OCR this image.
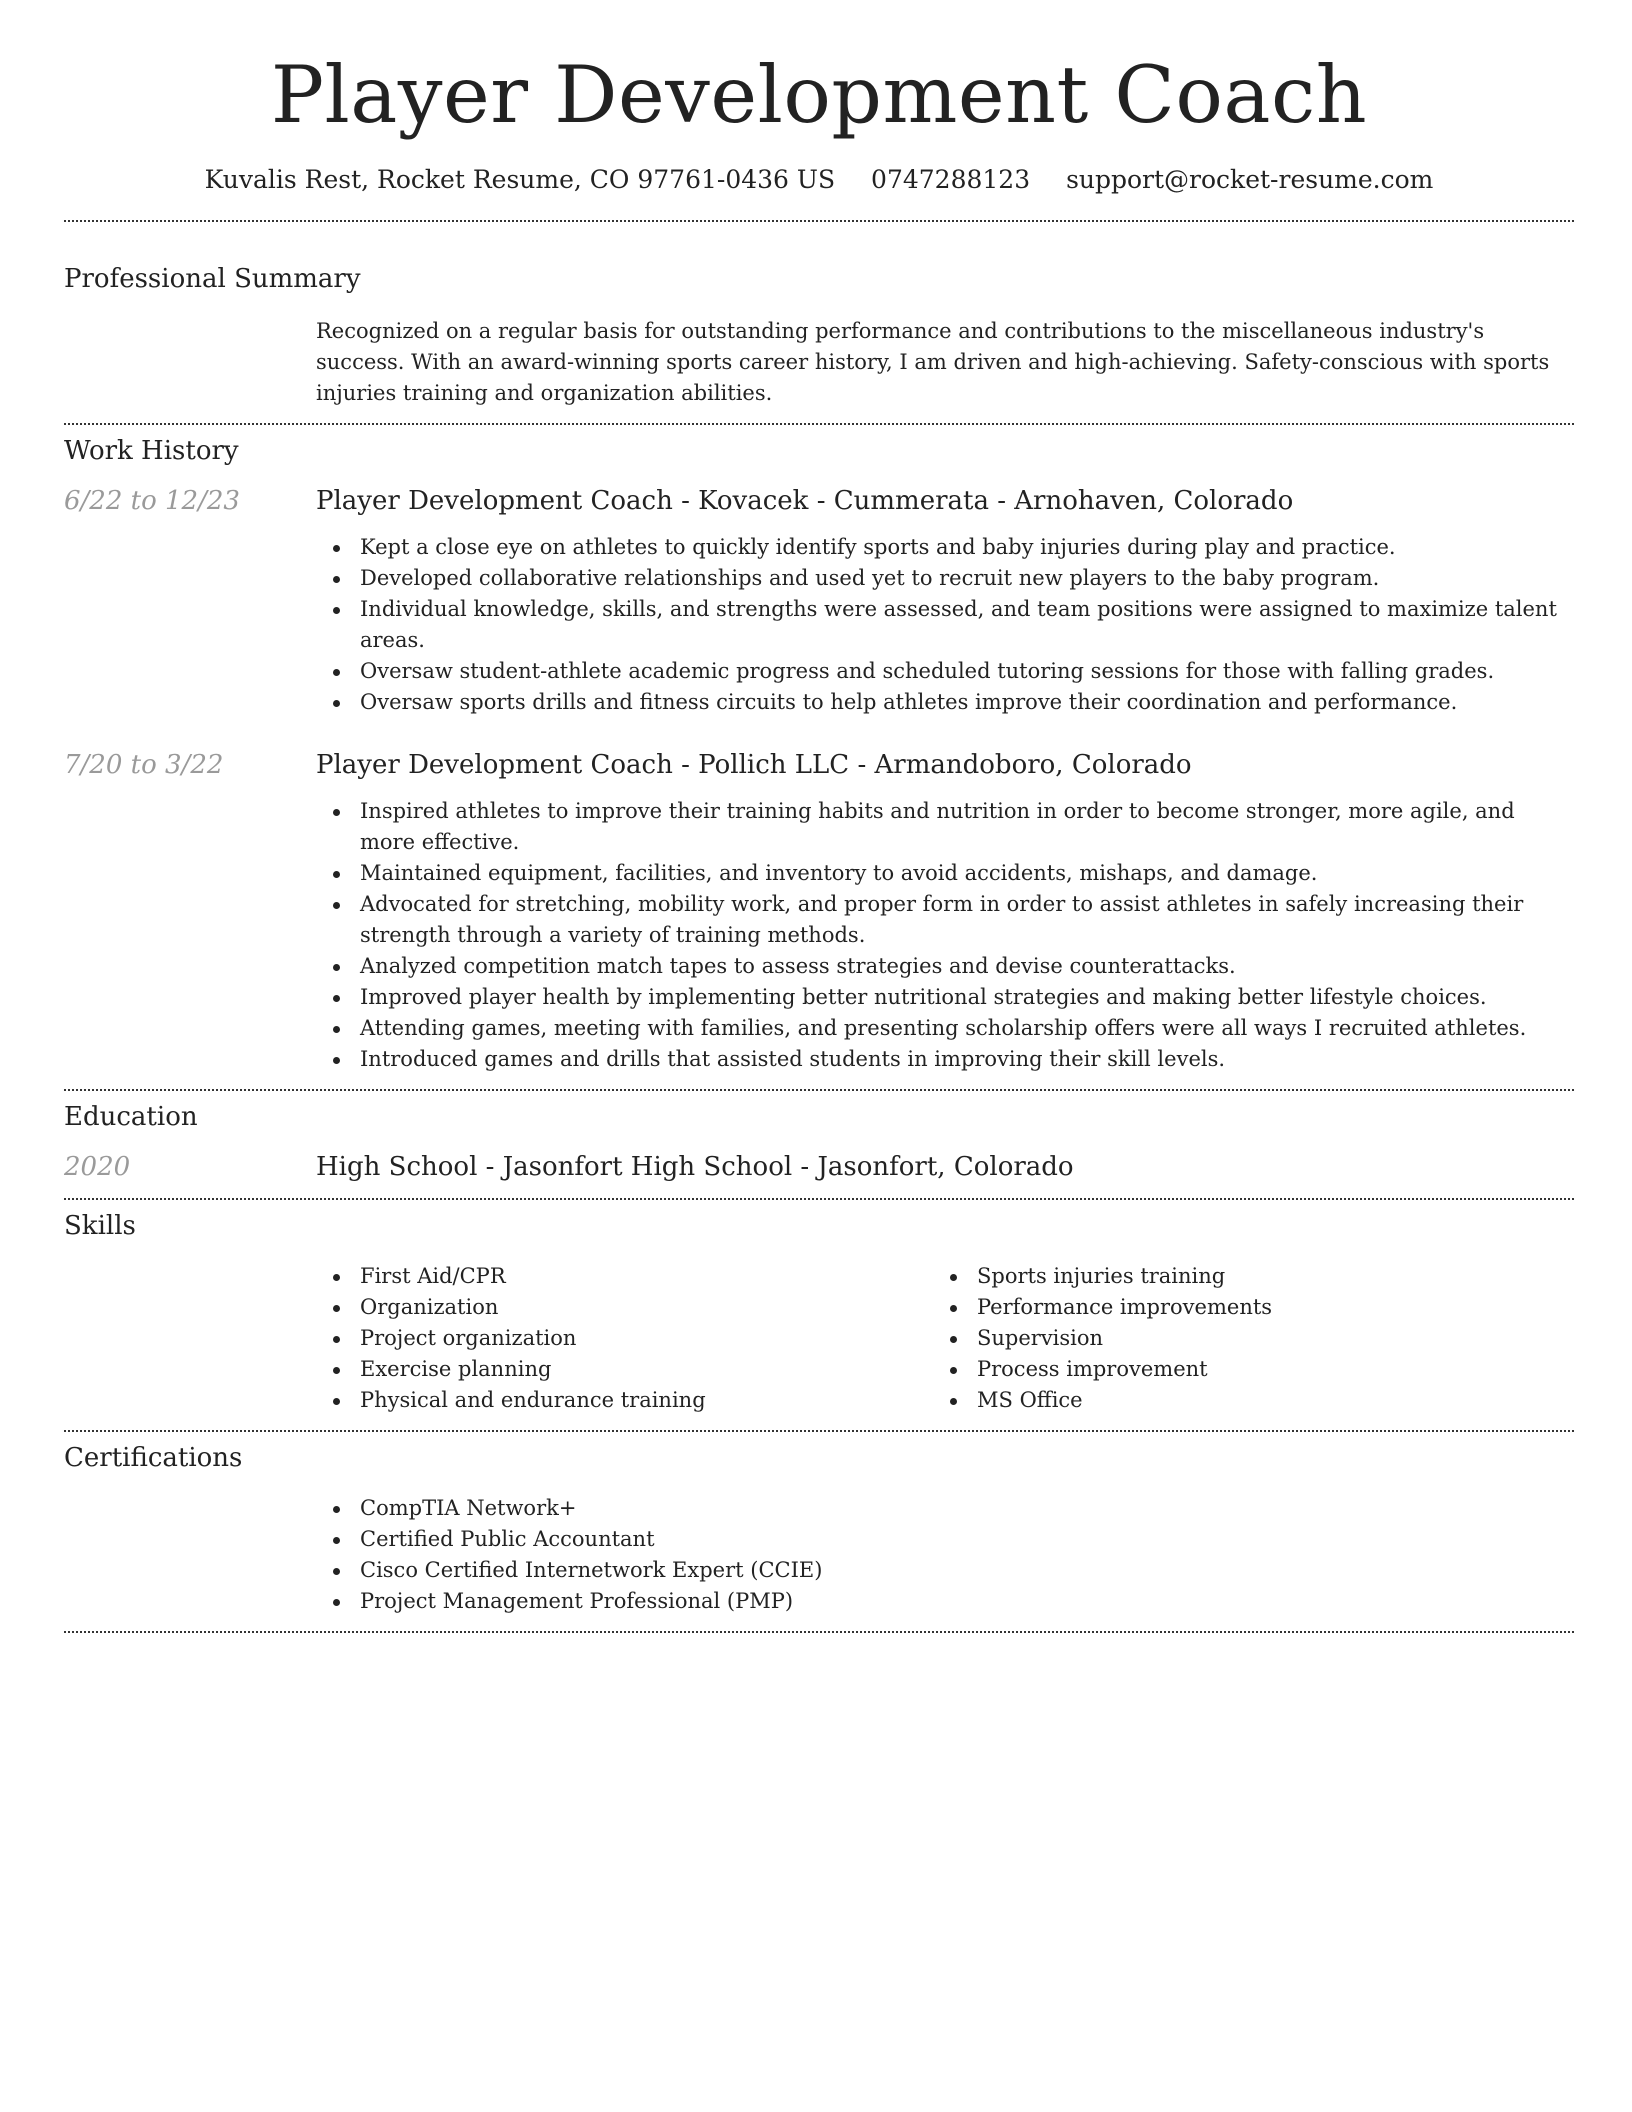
Player Development Coach
Kuvalis Rest, Rocket Resume, CO 97761-0436 US 0747288123 support@rocket-resume.com
Professional Summary
Recognized on a regular basis for outstanding performance and contributions to the miscellaneous industry's success. With an award-winning sports career history, I am driven and high-achieving. Safety-conscious with sports injuries training and organization abilities.
Work History
6/22 to 12/23	Player Development Coach - Kovacek - Cummerata - Arnohaven, Colorado
Kept a close eye on athletes to quickly identify sports and baby injuries during play and practice.
Developed collaborative relationships and used yet to recruit new players to the baby program.
Individual knowledge, skills, and strengths were assessed, and team positions were assigned to maximize talent areas.
Oversaw student-athlete academic progress and scheduled tutoring sessions for those with falling grades.
Oversaw sports drills and fitness circuits to help athletes improve their coordination and performance.
7/20 to 3/22	Player Development Coach - Pollich LLC - Armandoboro, Colorado
Inspired athletes to improve their training habits and nutrition in order to become stronger, more agile, and more effective.
Maintained equipment, facilities, and inventory to avoid accidents, mishaps, and damage.
Advocated for stretching, mobility work, and proper form in order to assist athletes in safely increasing their strength through a variety of training methods.
Analyzed competition match tapes to assess strategies and devise counterattacks.
Improved player health by implementing better nutritional strategies and making better lifestyle choices.
Attending games, meeting with families, and presenting scholarship offers were all ways I recruited athletes.
Introduced games and drills that assisted students in improving their skill levels.
Education
2020	High School - Jasonfort High School - Jasonfort, Colorado
Skills
First Aid/CPR
Organization
Project organization
Exercise planning
Physical and endurance training
Sports injuries training
Performance improvements
Supervision
Process improvement
MS Office
Certifications
CompTIA Network+
Certified Public Accountant
Cisco Certified Internetwork Expert (CCIE)
Project Management Professional (PMP)
